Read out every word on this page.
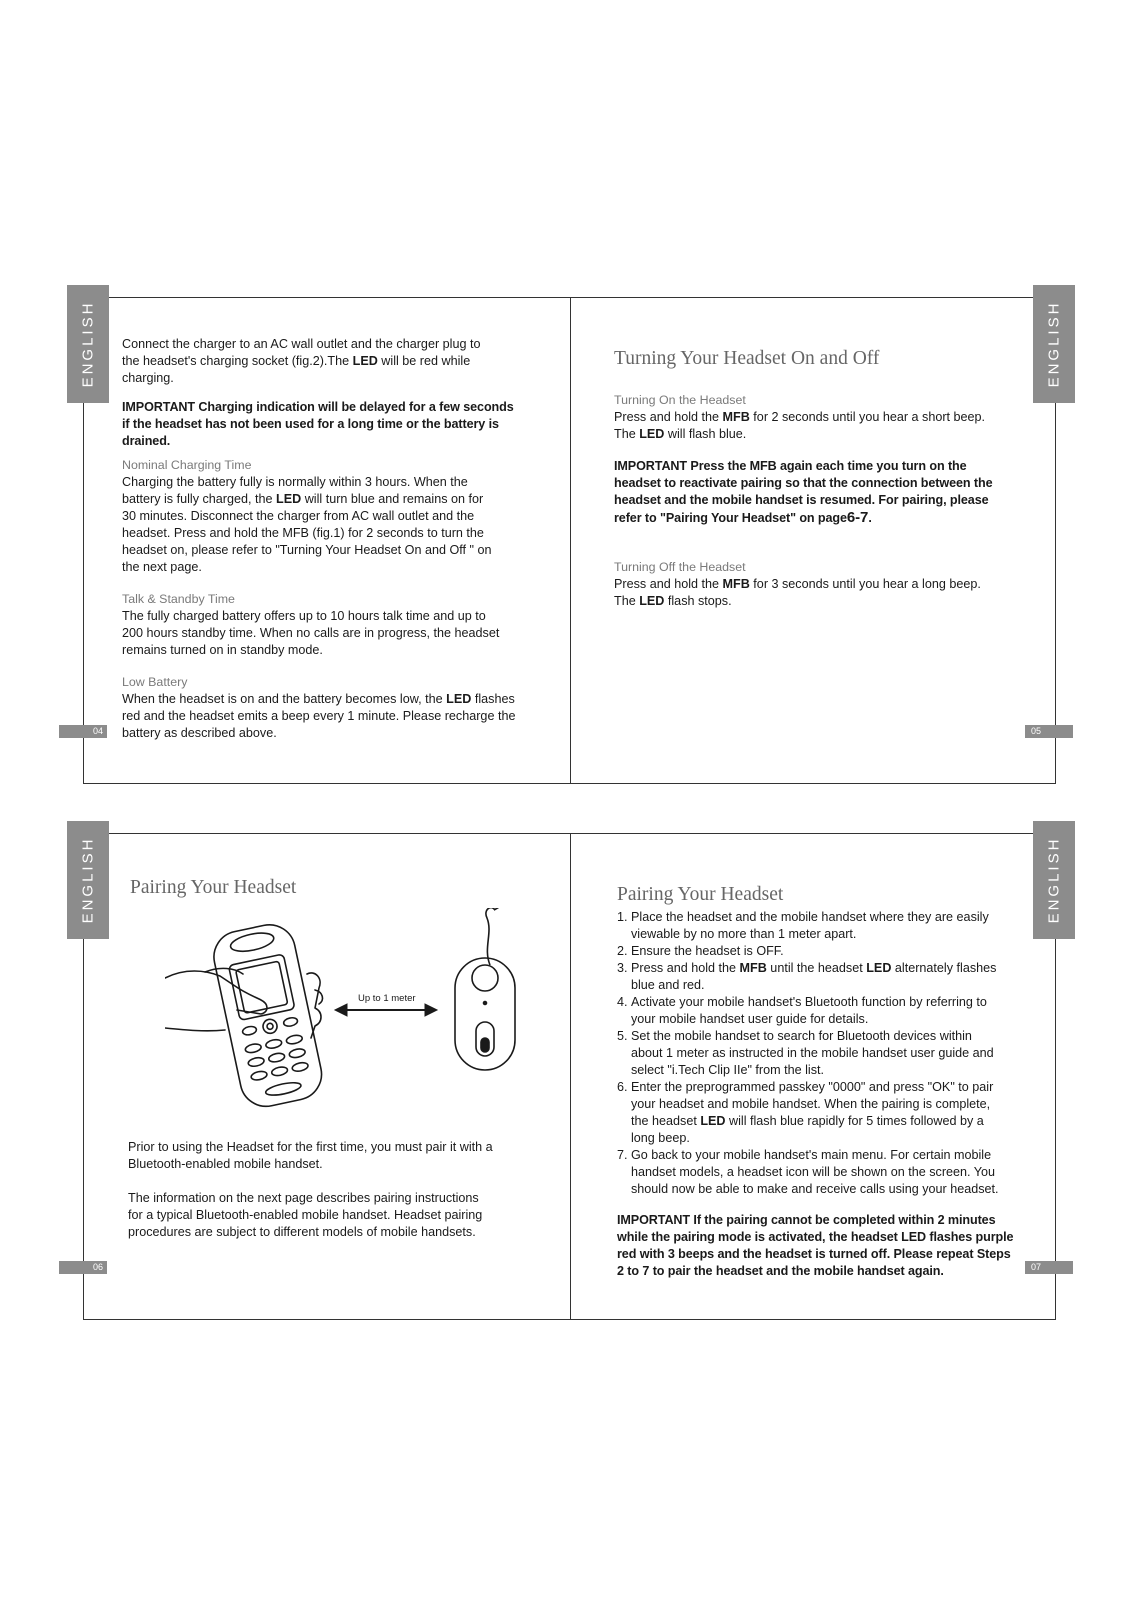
ENGLISH	ENGLISH
04	05

Connect the charger to an AC wall outlet and the charger plug to
the headset's charging socket (fig.2).The LED will be red while
charging.

IMPORTANT Charging indication will be delayed for a few seconds
if the headset has not been used for a long time or the battery is
drained.

Nominal Charging Time

Charging the battery fully is normally within 3 hours. When the
battery is fully charged, the LED will turn blue and remains on for
30 minutes. Disconnect the charger from AC wall outlet and the
headset. Press and hold the MFB (fig.1) for 2 seconds to turn the
headset on, please refer to "Turning Your Headset On and Off " on
the next page.

Talk & Standby Time

The fully charged battery offers up to 10 hours talk time and up to
200 hours standby time. When no calls are in progress, the headset
remains turned on in standby mode.

Low Battery

When the headset is on and the battery becomes low, the LED flashes
red and the headset emits a beep every 1 minute. Please recharge the
battery as described above.

Turning Your Headset On and Off

Turning On the Headset

Press and hold the MFB for 2 seconds until you hear a short beep.
The LED will flash blue.

IMPORTANT Press the MFB again each time you turn on the
headset to reactivate pairing so that the connection between the
headset and the mobile handset is resumed. For pairing, please
refer to "Pairing Your Headset" on page6-7.

Turning Off the Headset

Press and hold the MFB for 3 seconds until you hear a long beep.
The LED flash stops.

ENGLISH	ENGLISH
06	07

Pairing Your Headset

Up to 1 meter

Prior to using the Headset for the first time, you must pair it with a
Bluetooth-enabled mobile handset.

The information on the next page describes pairing instructions
for a typical Bluetooth-enabled mobile handset. Headset pairing
procedures are subject to different models of mobile handsets.

Pairing Your Headset

1. Place the headset and the mobile handset where they are easily
viewable by no more than 1 meter apart.
2. Ensure the headset is OFF.
3. Press and hold the MFB until the headset LED alternately flashes
blue and red.
4. Activate your mobile handset's Bluetooth function by referring to
your mobile handset user guide for details.
5. Set the mobile handset to search for Bluetooth devices within
about 1 meter as instructed in the mobile handset user guide and
select "i.Tech Clip IIe" from the list.
6. Enter the preprogrammed passkey "0000" and press "OK" to pair
your headset and mobile handset. When the pairing is complete,
the headset LED will flash blue rapidly for 5 times followed by a
long beep.
7. Go back to your mobile handset's main menu. For certain mobile
handset models, a headset icon will be shown on the screen. You
should now be able to make and receive calls using your headset.

IMPORTANT If the pairing cannot be completed within 2 minutes
while the pairing mode is activated, the headset LED flashes purple
red with 3 beeps and the headset is turned off. Please repeat Steps
2 to 7 to pair the headset and the mobile handset again.
